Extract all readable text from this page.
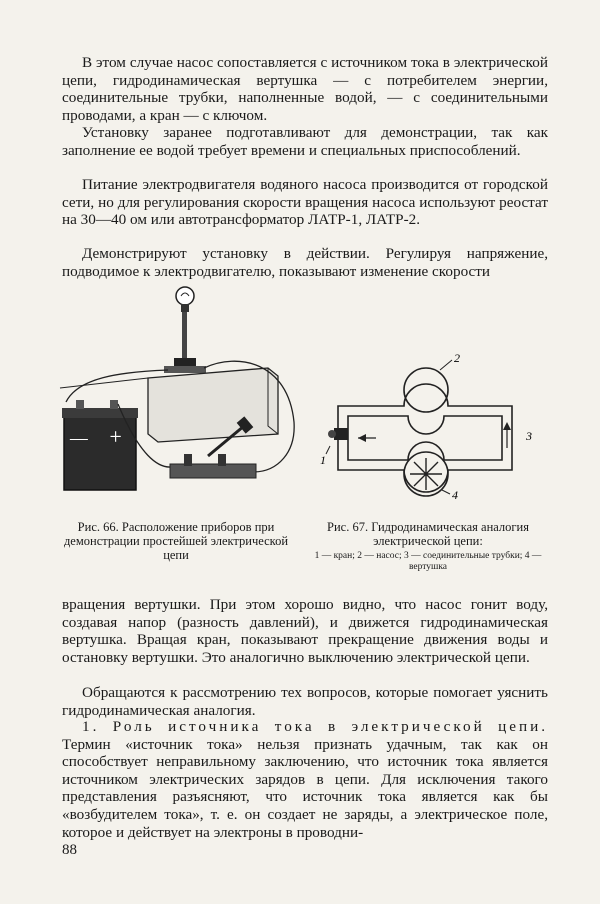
В этом случае насос сопоставляется с источником тока в электрической цепи, гидродинамическая вертушка — с потребителем энергии, соединительные трубки, наполненные водой, — с соединительными проводами, а кран — с ключом.

Установку заранее подготавливают для демонстрации, так как заполнение ее водой требует времени и специальных приспособлений.

Питание электродвигателя водяного насоса производится от городской сети, но для регулирования скорости вращения насоса используют реостат на 30—40 ом или автотрансформатор ЛАТР-1, ЛАТР-2.

Демонстрируют установку в действии. Регулируя напряжение, подводимое к электродвигателю, показывают изменение скорости

— +

Рис. 66. Расположение приборов при демонстрации простейшей электрической цепи

2
1
3
4

Рис. 67. Гидродинамическая аналогия электрической цепи:

1 — кран; 2 — насос; 3 — соединительные трубки; 4 — вертушка

вращения вертушки. При этом хорошо видно, что насос гонит воду, создавая напор (разность давлений), и движется гидродинамическая вертушка. Вращая кран, показывают прекращение движения воды и остановку вертушки. Это аналогично выключению электрической цепи.

Обращаются к рассмотрению тех вопросов, которые помогает уяснить гидродинамическая аналогия.

1. Роль источника тока в электрической цепи. Термин «источник тока» нельзя признать удачным, так как он способствует неправильному заключению, что источник тока является источником электрических зарядов в цепи. Для исключения такого представления разъясняют, что источник тока является как бы «возбудителем тока», т. е. он создает не заряды, а электрическое поле, которое и действует на электроны в проводни-

88
